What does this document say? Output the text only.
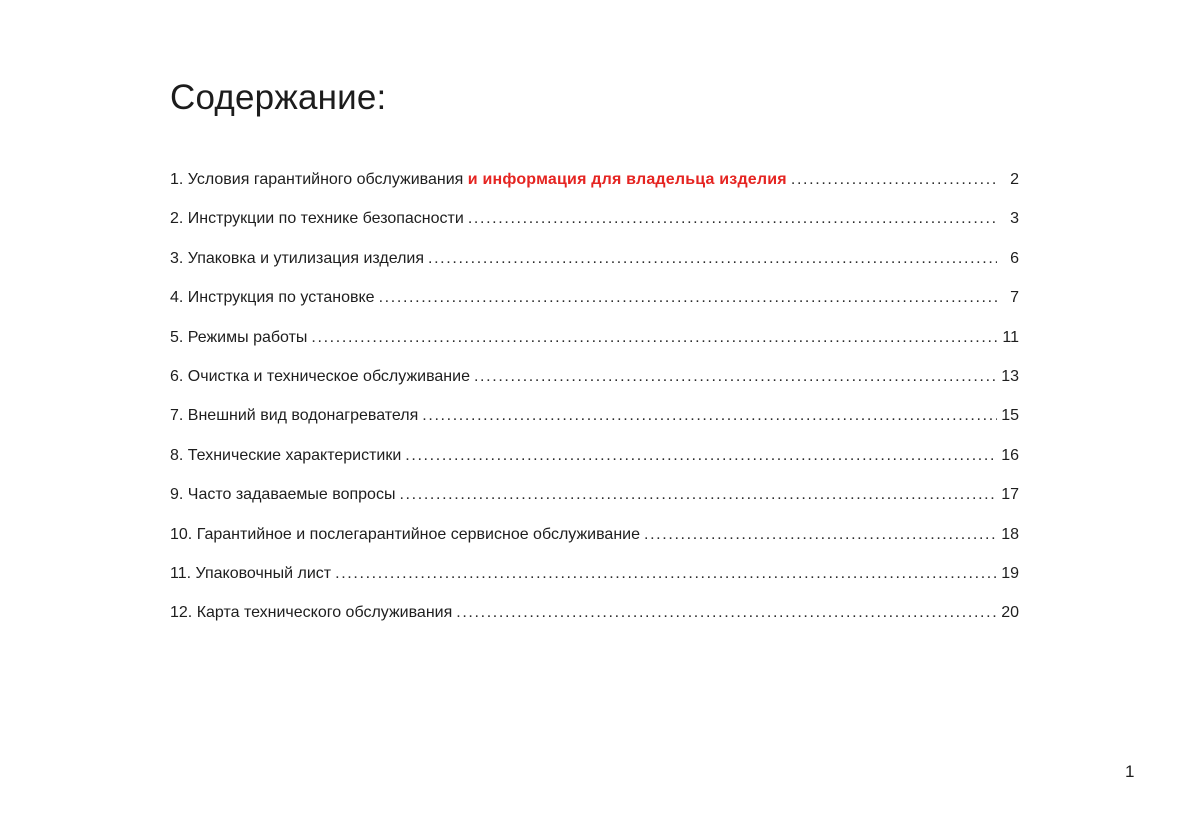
Содержание:
1. Условия гарантийного обслуживания и информация для владельца изделия . . .	2
2. Инструкции по технике безопасности . . .	3
3. Упаковка и утилизация изделия . . .	6
4. Инструкция по установке . . .	7
5. Режимы работы . . .	11
6. Очистка и техническое обслуживание . . .	13
7. Внешний вид водонагревателя . . .	15
8. Технические характеристики . . .	16
9. Часто задаваемые вопросы . . .	17
10. Гарантийное и послегарантийное сервисное обслуживание . . .	18
11. Упаковочный лист . . .	19
12. Карта технического обслуживания . . .	20
1
